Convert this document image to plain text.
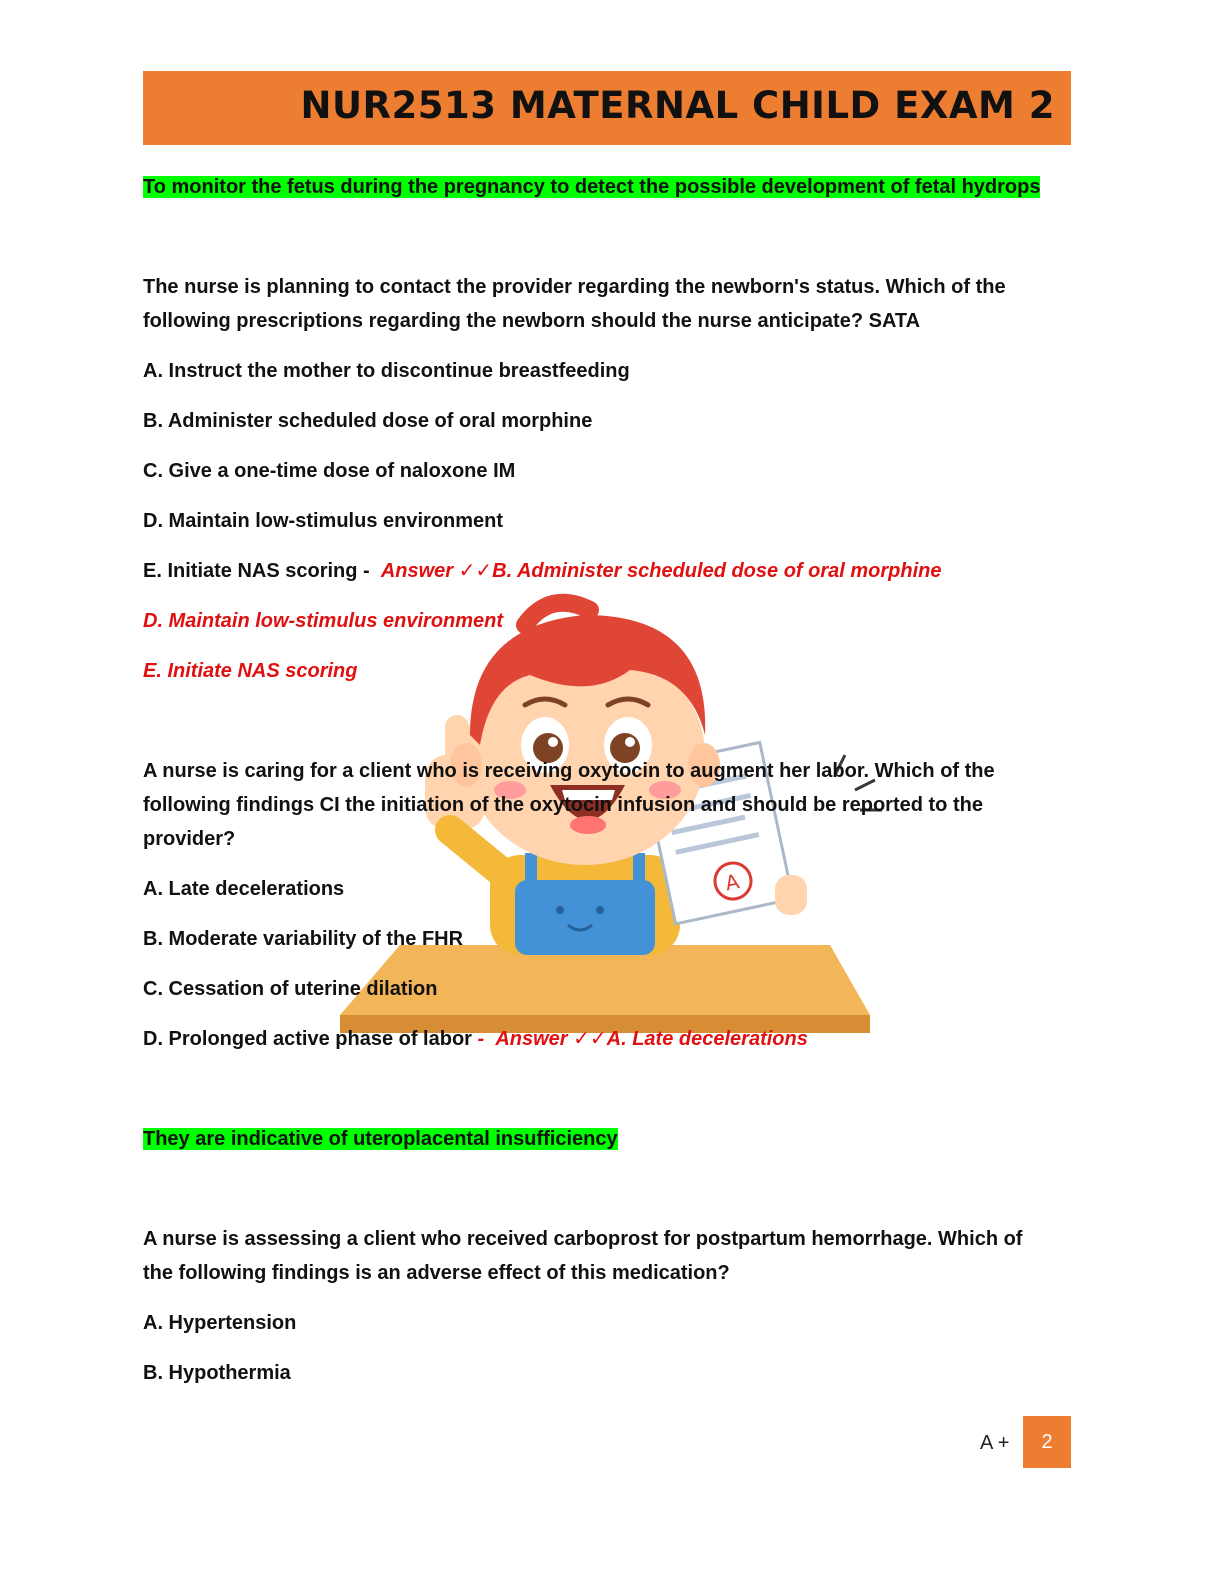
NUR2513 MATERNAL CHILD EXAM 2
A

To monitor the fetus during the pregnancy to detect the possible development of fetal hydrops

The nurse is planning to contact the provider regarding the newborn's status. Which of the following prescriptions regarding the newborn should the nurse anticipate? SATA

A. Instruct the mother to discontinue breastfeeding

B. Administer scheduled dose of oral morphine

C. Give a one-time dose of naloxone IM

D. Maintain low-stimulus environment

E. Initiate NAS scoring - Answer ✓✓B. Administer scheduled dose of oral morphine

D. Maintain low-stimulus environment

E. Initiate NAS scoring

A nurse is caring for a client who is receiving oxytocin to augment her labor. Which of the following findings CI the initiation of the oxytocin infusion and should be reported to the provider?

A. Late decelerations

B. Moderate variability of the FHR

C. Cessation of uterine dilation

D. Prolonged active phase of labor - Answer ✓✓A. Late decelerations

They are indicative of uteroplacental insufficiency

A nurse is assessing a client who received carboprost for postpartum hemorrhage. Which of the following findings is an adverse effect of this medication?

A. Hypertension

B. Hypothermia

A +	2
